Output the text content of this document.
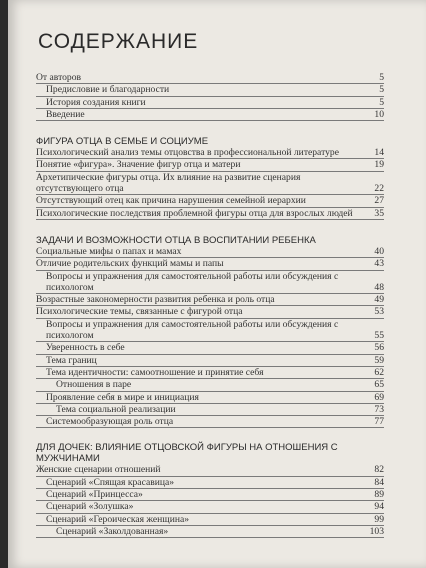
СОДЕРЖАНИЕ
От авторов	5
Предисловие и благодарности	5
История создания книги	5
Введение	10
ФИГУРА ОТЦА В СЕМЬЕ И СОЦИУМЕ
Психологический анализ темы отцовства в профессиональной литературе	14
Понятие «фигура». Значение фигур отца и матери	19
Архетипические фигуры отца. Их влияние на развитие сценария отсутствующего отца	22
Отсутствующий отец как причина нарушения семейной иерархии	27
Психологические последствия проблемной фигуры отца для взрослых людей	35
ЗАДАЧИ И ВОЗМОЖНОСТИ ОТЦА В ВОСПИТАНИИ РЕБЕНКА
Социальные мифы о папах и мамах	40
Отличие родительских функций мамы и папы	43
Вопросы и упражнения для самостоятельной работы или обсуждения с психологом	48
Возрастные закономерности развития ребенка и роль отца	49
Психологические темы, связанные с фигурой отца	53
Вопросы и упражнения для самостоятельной работы или обсуждения с психологом	55
Уверенность в себе	56
Тема границ	59
Тема идентичности: самоотношение и принятие себя	62
Отношения в паре	65
Проявление себя в мире и инициация	69
Тема социальной реализации	73
Системообразующая роль отца	77
ДЛЯ ДОЧЕК: ВЛИЯНИЕ ОТЦОВСКОЙ ФИГУРЫ НА ОТНОШЕНИЯ С МУЖЧИНАМИ
Женские сценарии отношений	82
Сценарий «Спящая красавица»	84
Сценарий «Принцесса»	89
Сценарий «Золушка»	94
Сценарий «Героическая женщина»	99
Сценарий «Заколдованная»	103
